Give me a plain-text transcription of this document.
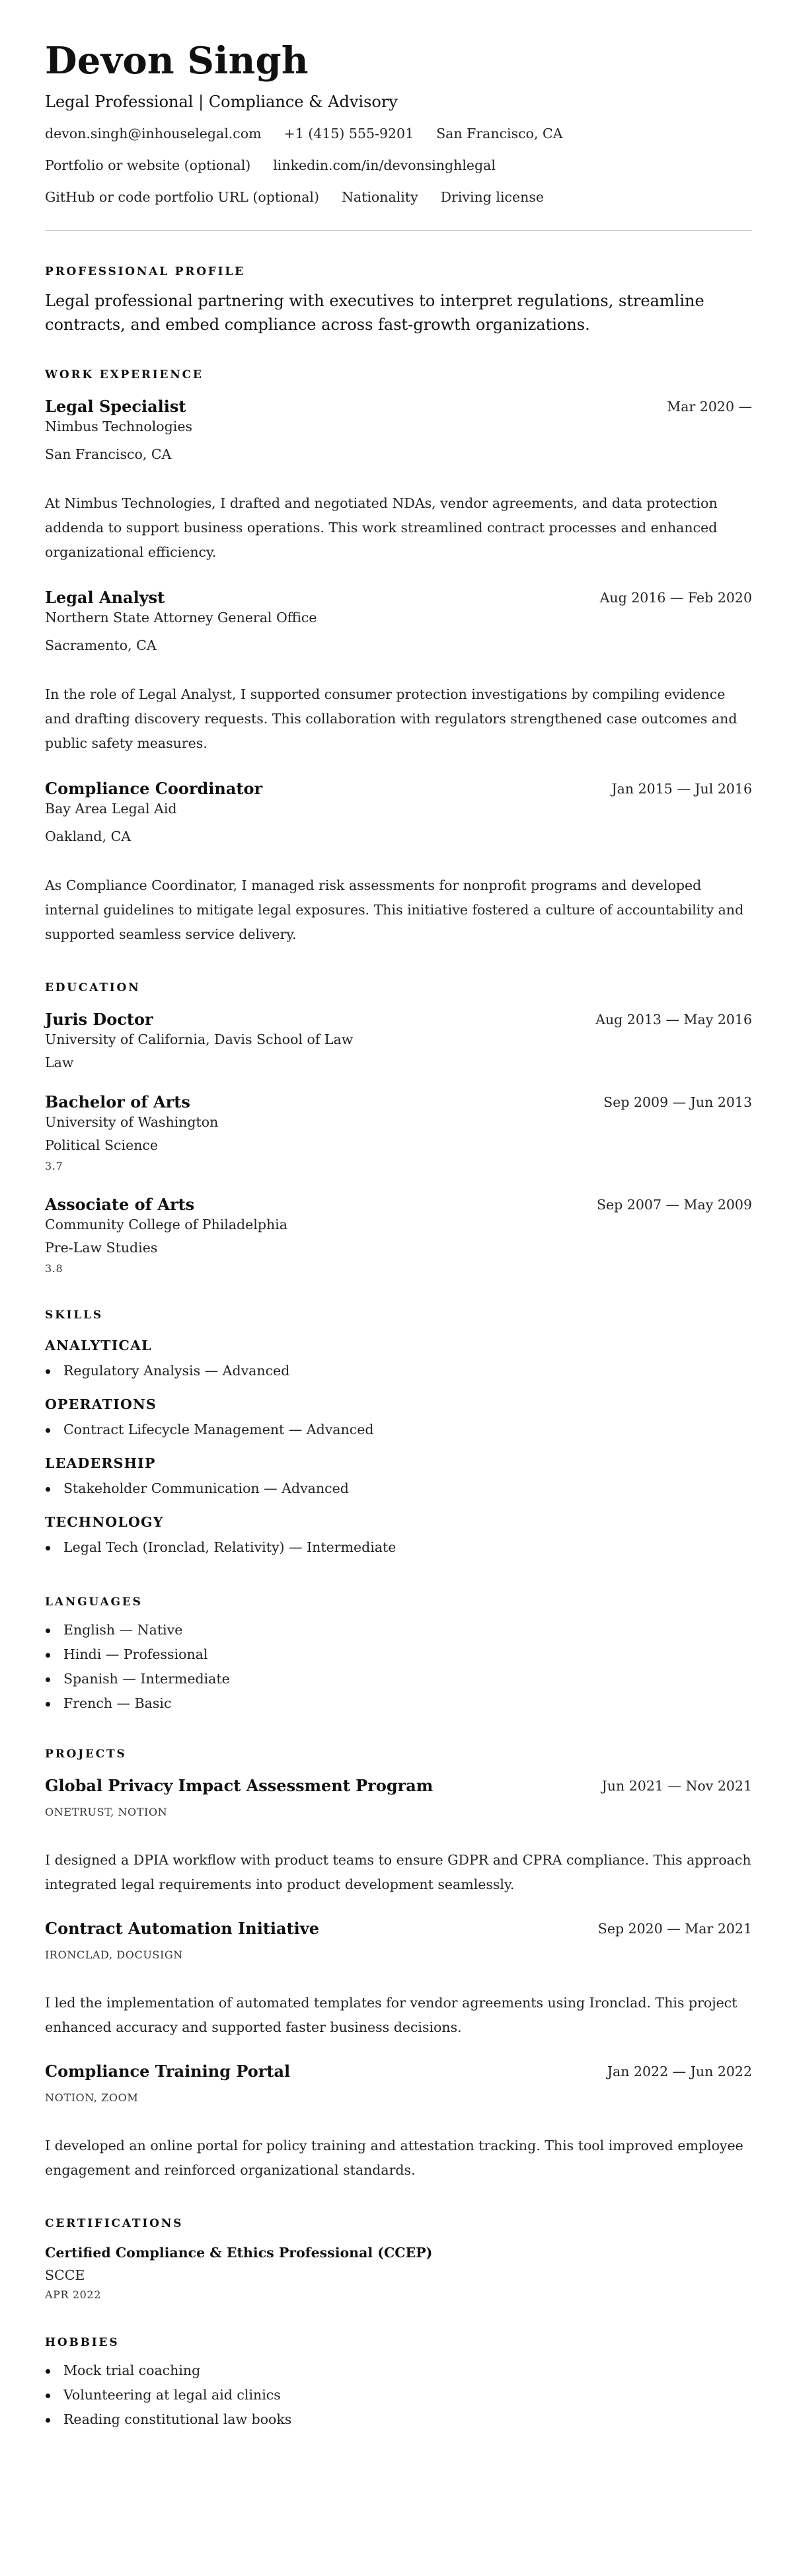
Devon Singh
Legal Professional | Compliance & Advisory
devon.singh@inhouselegal.com +1 (415) 555-9201 San Francisco, CA
Portfolio or website (optional) linkedin.com/in/devonsinghlegal
GitHub or code portfolio URL (optional) Nationality Driving license
PROFESSIONAL PROFILE
Legal professional partnering with executives to interpret regulations, streamline contracts, and embed compliance across fast-growth organizations.
WORK EXPERIENCE
Legal Specialist	Mar 2020 —
Nimbus Technologies
San Francisco, CA
At Nimbus Technologies, I drafted and negotiated NDAs, vendor agreements, and data protection addenda to support business operations. This work streamlined contract processes and enhanced organizational efficiency.
Legal Analyst	Aug 2016 — Feb 2020
Northern State Attorney General Office
Sacramento, CA
In the role of Legal Analyst, I supported consumer protection investigations by compiling evidence and drafting discovery requests. This collaboration with regulators strengthened case outcomes and public safety measures.
Compliance Coordinator	Jan 2015 — Jul 2016
Bay Area Legal Aid
Oakland, CA
As Compliance Coordinator, I managed risk assessments for nonprofit programs and developed internal guidelines to mitigate legal exposures. This initiative fostered a culture of accountability and supported seamless service delivery.
EDUCATION
Juris Doctor	Aug 2013 — May 2016
University of California, Davis School of Law
Law
Bachelor of Arts	Sep 2009 — Jun 2013
University of Washington
Political Science
3.7
Associate of Arts	Sep 2007 — May 2009
Community College of Philadelphia
Pre-Law Studies
3.8
SKILLS
ANALYTICAL
Regulatory Analysis — Advanced
OPERATIONS
Contract Lifecycle Management — Advanced
LEADERSHIP
Stakeholder Communication — Advanced
TECHNOLOGY
Legal Tech (Ironclad, Relativity) — Intermediate
LANGUAGES
English — Native
Hindi — Professional
Spanish — Intermediate
French — Basic
PROJECTS
Global Privacy Impact Assessment Program	Jun 2021 — Nov 2021
ONETRUST, NOTION
I designed a DPIA workflow with product teams to ensure GDPR and CPRA compliance. This approach integrated legal requirements into product development seamlessly.
Contract Automation Initiative	Sep 2020 — Mar 2021
IRONCLAD, DOCUSIGN
I led the implementation of automated templates for vendor agreements using Ironclad. This project enhanced accuracy and supported faster business decisions.
Compliance Training Portal	Jan 2022 — Jun 2022
NOTION, ZOOM
I developed an online portal for policy training and attestation tracking. This tool improved employee engagement and reinforced organizational standards.
CERTIFICATIONS
Certified Compliance & Ethics Professional (CCEP)
SCCE
APR 2022
HOBBIES
Mock trial coaching
Volunteering at legal aid clinics
Reading constitutional law books
